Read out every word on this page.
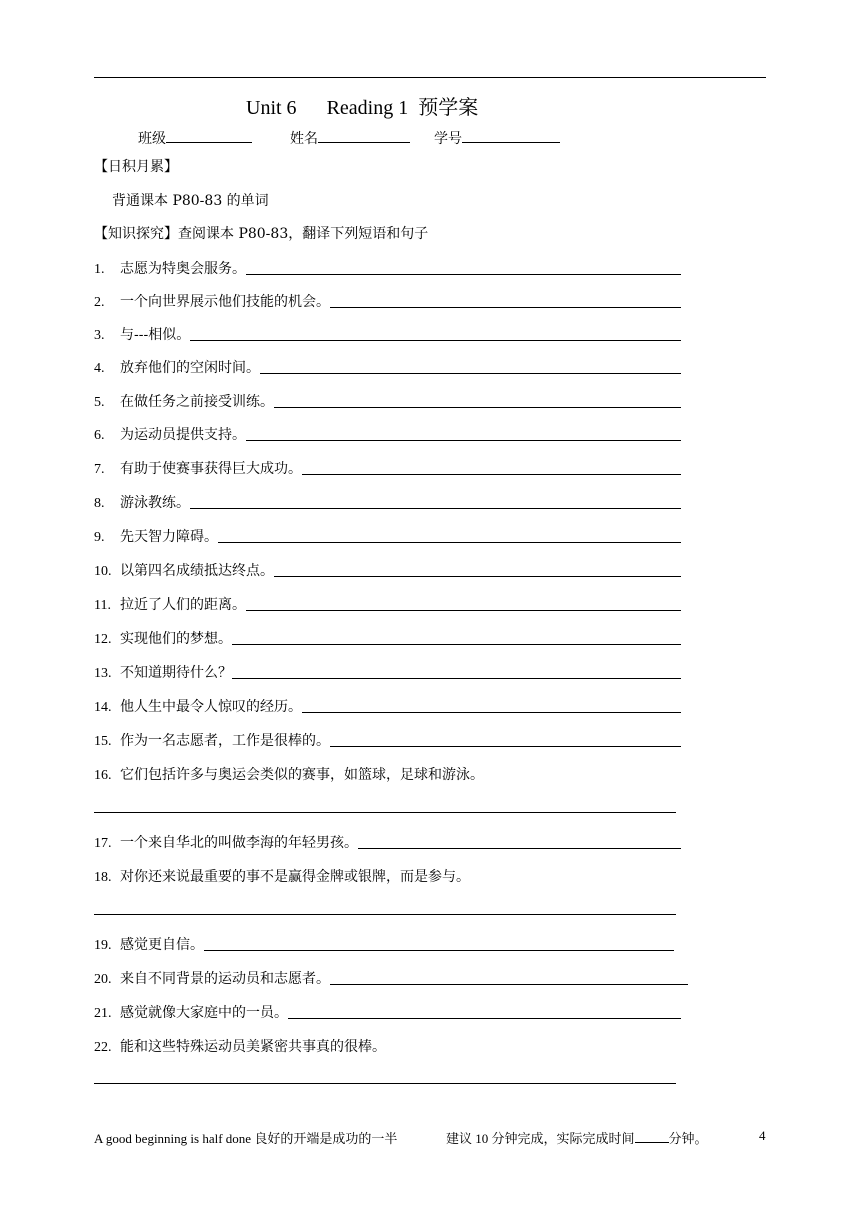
Unit 6 Reading 1 预学案
班级	姓名	学号
【日积月累】
背通课本 P80-83 的单词
【知识探究】查阅课本 P80-83，翻译下列短语和句子
1.	志愿为特奥会服务。
2.	一个向世界展示他们技能的机会。
3.	与---相似。
4.	放弃他们的空闲时间。
5.	在做任务之前接受训练。
6.	为运动员提供支持。
7.	有助于使赛事获得巨大成功。
8.	游泳教练。
9.	先天智力障碍。
10. 以第四名成绩抵达终点。
11. 拉近了人们的距离。
12. 实现他们的梦想。
13. 不知道期待什么？
14. 他人生中最令人惊叹的经历。
15. 作为一名志愿者，工作是很棒的。
16. 它们包括许多与奥运会类似的赛事，如篮球，足球和游泳。
17. 一个来自华北的叫做李海的年轻男孩。
18. 对你还来说最重要的事不是赢得金牌或银牌，而是参与。
19. 感觉更自信。
20. 来自不同背景的运动员和志愿者。
21. 感觉就像大家庭中的一员。
22. 能和这些特殊运动员美紧密共事真的很棒。
A good beginning is half done 良好的开端是成功的一半	建议 10 分钟完成，实际完成时间	分钟。	4
